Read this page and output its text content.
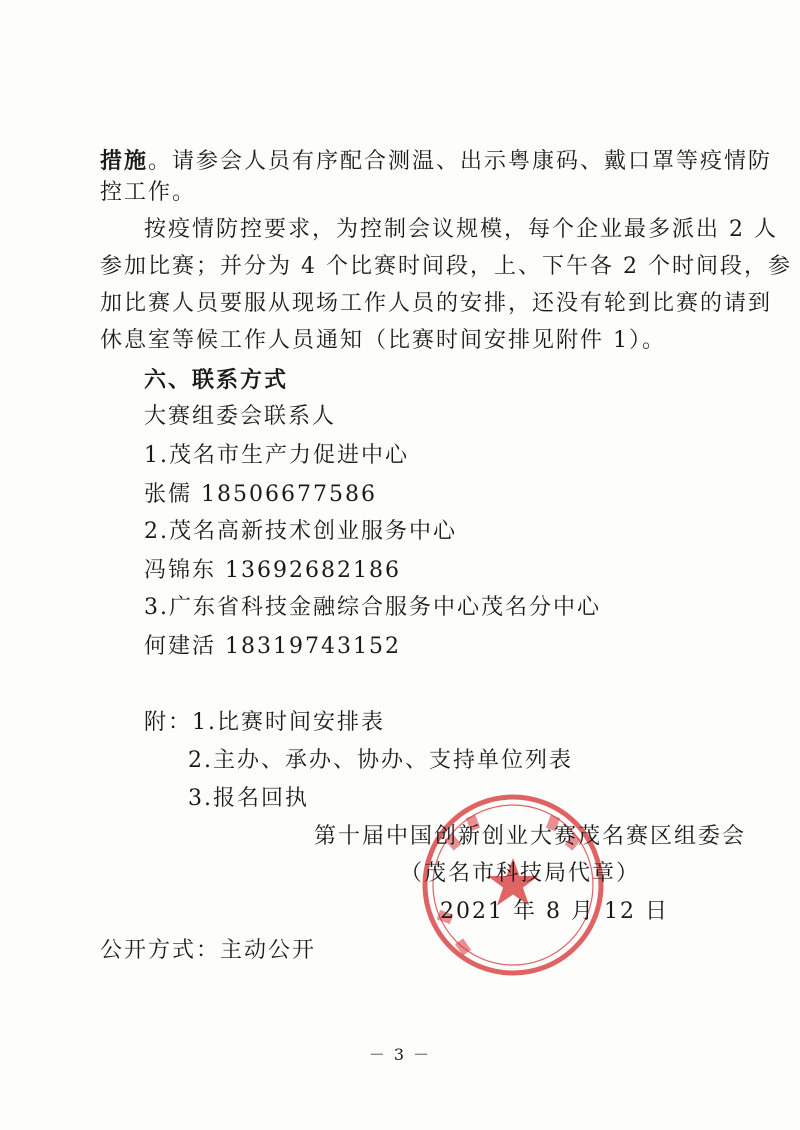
措施。请参会人员有序配合测温、出示粤康码、戴口罩等疫情防
控工作。
按疫情防控要求，为控制会议规模，每个企业最多派出 2 人
参加比赛；并分为 4 个比赛时间段，上、下午各 2 个时间段，参
加比赛人员要服从现场工作人员的安排，还没有轮到比赛的请到
休息室等候工作人员通知（比赛时间安排见附件 1）。
六、联系方式
大赛组委会联系人
1.茂名市生产力促进中心
张儒 18506677586
2.茂名高新技术创业服务中心
冯锦东 13692682186
3.广东省科技金融综合服务中心茂名分中心
何建活 18319743152
附：1.比赛时间安排表
2.主办、承办、协办、支持单位列表
3.报名回执
第十届中国创新创业大赛茂名赛区组委会
（茂名市科技局代章）
2021 年 8 月 12 日
公开方式：主动公开
－ 3 －
